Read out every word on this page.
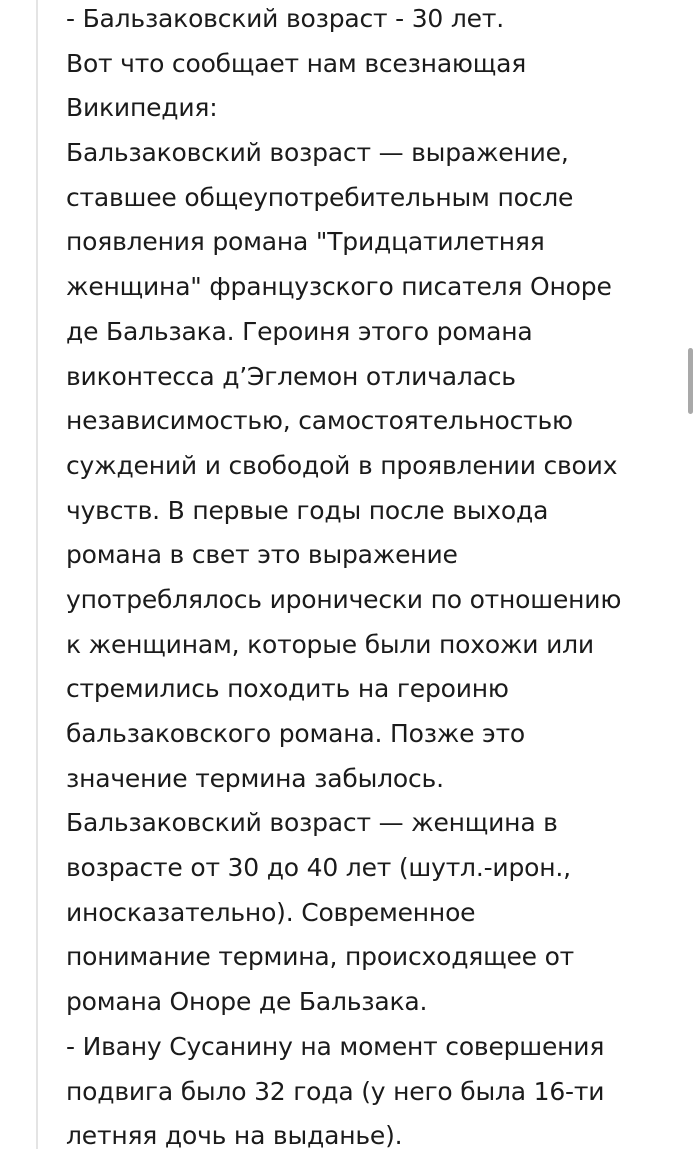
- Бальзаковский возраст - 30 лет.
Вот что сообщает нам всезнающая
Википедия:
Бальзаковский возраст — выражение,
ставшее общеупотребительным после
появления романа "Тридцатилетняя
женщина" французского писателя Оноре
де Бальзака. Героиня этого романа
виконтесса д’Эглемон отличалась
независимостью, самостоятельностью
суждений и свободой в проявлении своих
чувств. В первые годы после выхода
романа в свет это выражение
употреблялось иронически по отношению
к женщинам, которые были похожи или
стремились походить на героиню
бальзаковского романа. Позже это
значение термина забылось.
Бальзаковский возраст — женщина в
возрасте от 30 до 40 лет (шутл.-ирон.,
иносказательно). Современное
понимание термина, происходящее от
романа Оноре де Бальзака.
- Ивану Сусанину на момент совершения
подвига было 32 года (у него была 16-ти
летняя дочь на выданье).
